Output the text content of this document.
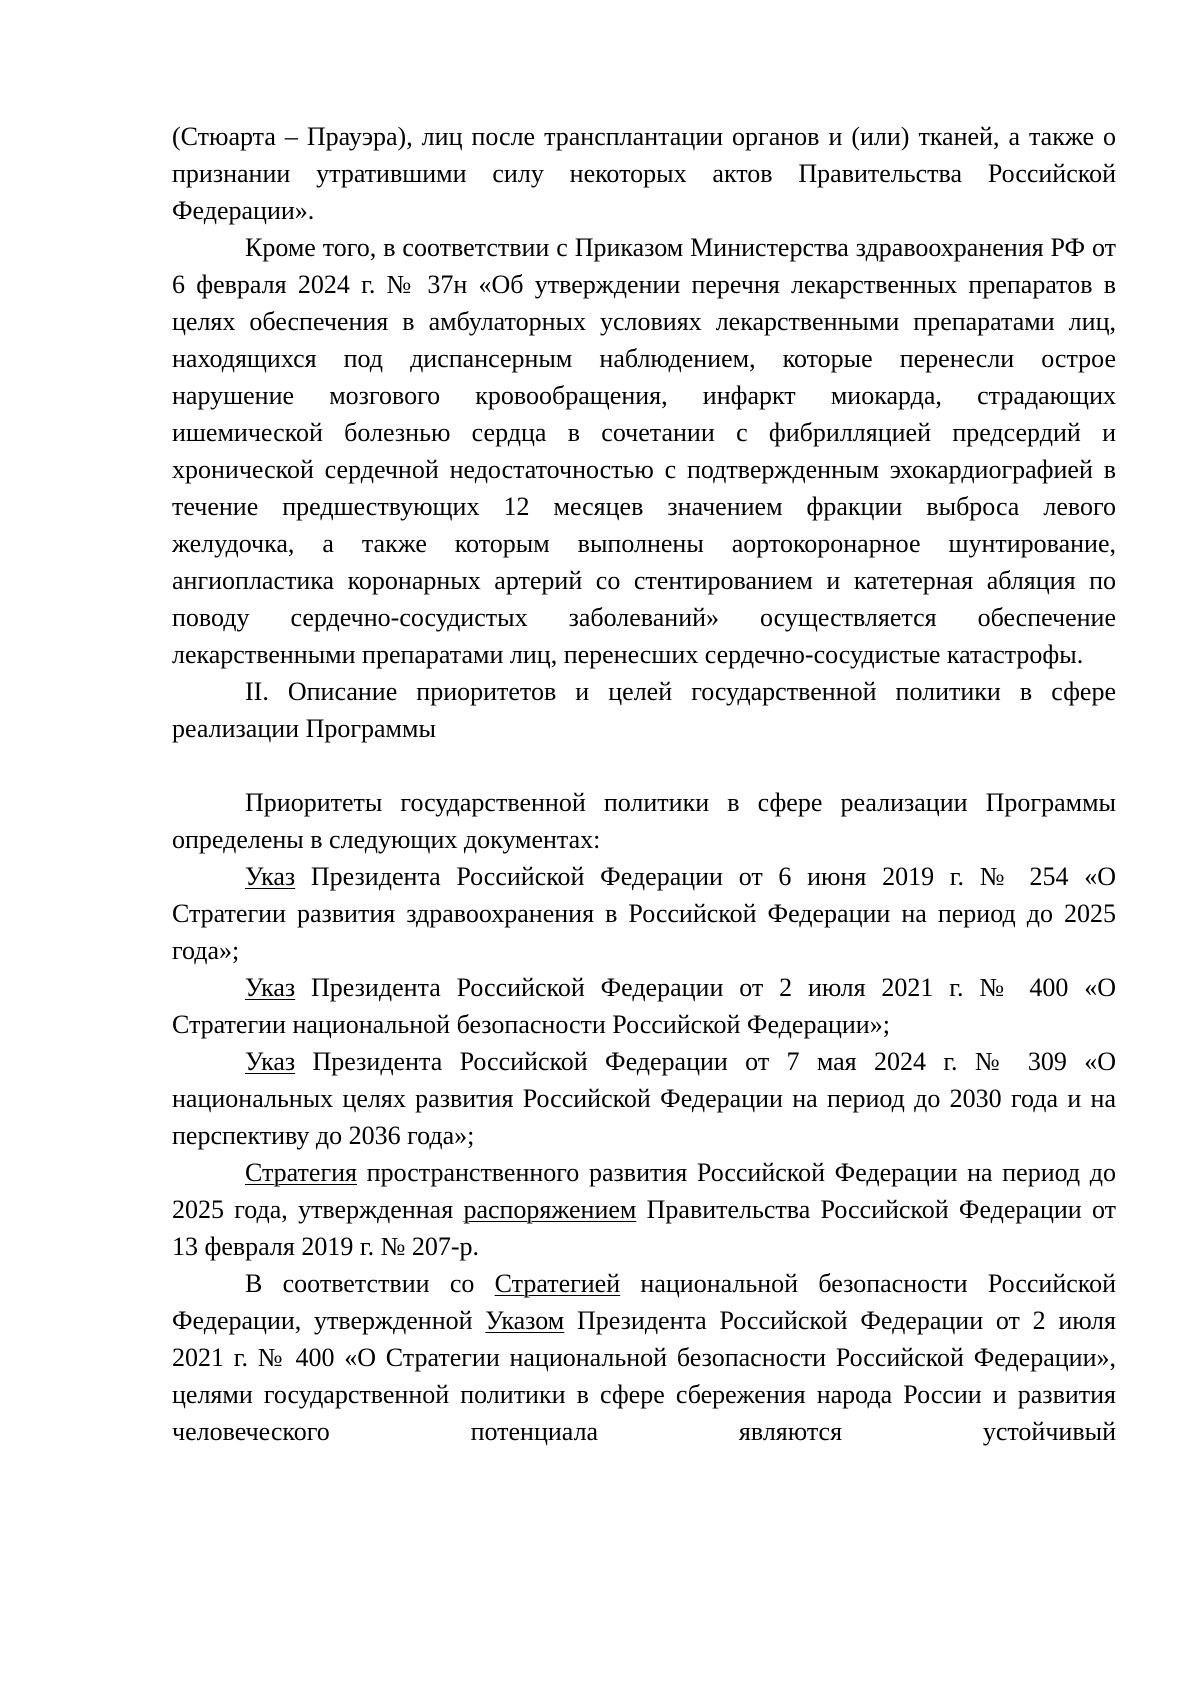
(Стюарта – Прауэра), лиц после трансплантации органов и (или) тканей, а также о признании утратившими силу некоторых актов Правительства Российской Федерации».

Кроме того, в соответствии с Приказом Министерства здравоохранения РФ от 6 февраля 2024 г. № 37н «Об утверждении перечня лекарственных препаратов в целях обеспечения в амбулаторных условиях лекарственными препаратами лиц, находящихся под диспансерным наблюдением, которые перенесли острое нарушение мозгового кровообращения, инфаркт миокарда, страдающих ишемической болезнью сердца в сочетании с фибрилляцией предсердий и хронической сердечной недостаточностью с подтвержденным эхокардиографией в течение предшествующих 12 месяцев значением фракции выброса левого желудочка, а также которым выполнены аортокоронарное шунтирование, ангиопластика коронарных артерий со стентированием и катетерная абляция по поводу сердечно-сосудистых заболеваний» осуществляется обеспечение лекарственными препаратами лиц, перенесших сердечно-сосудистые катастрофы.

II. Описание приоритетов и целей государственной политики в сфере реализации Программы

Приоритеты государственной политики в сфере реализации Программы определены в следующих документах:

Указ Президента Российской Федерации от 6 июня 2019 г. № 254 «О Стратегии развития здравоохранения в Российской Федерации на период до 2025 года»;

Указ Президента Российской Федерации от 2 июля 2021 г. № 400 «О Стратегии национальной безопасности Российской Федерации»;

Указ Президента Российской Федерации от 7 мая 2024 г. № 309 «О национальных целях развития Российской Федерации на период до 2030 года и на перспективу до 2036 года»;

Стратегия пространственного развития Российской Федерации на период до 2025 года, утвержденная распоряжением Правительства Российской Федерации от 13 февраля 2019 г. № 207-р.

В соответствии со Стратегией национальной безопасности Российской Федерации, утвержденной Указом Президента Российской Федерации от 2 июля 2021 г. № 400 «О Стратегии национальной безопасности Российской Федерации», целями государственной политики в сфере сбережения народа России и развития человеческого потенциала являются устойчивый
